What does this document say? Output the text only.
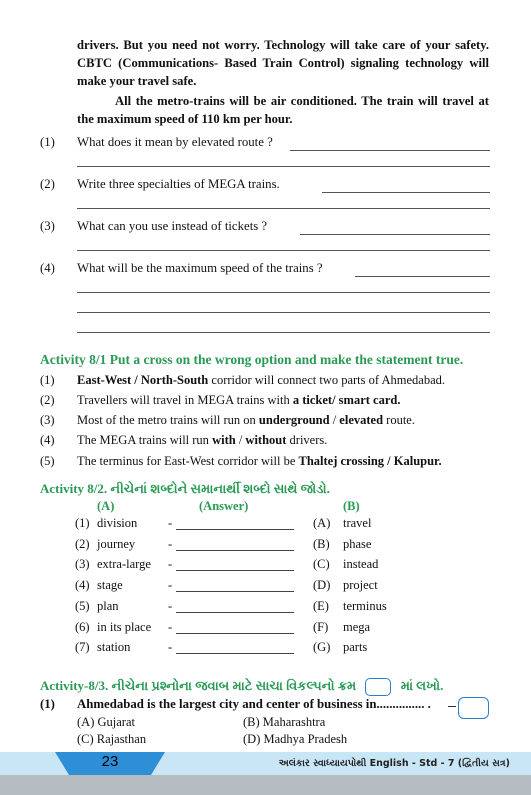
drivers. But you need not worry. Technology will take care of your safety. CBTC (Communications- Based Train Control) signaling technology will make your travel safe.
All the metro-trains will be air conditioned. The train will travel at the maximum speed of 110 km per hour.
(1) What does it mean by elevated route ?
(2) Write three specialties of MEGA trains.
(3) What can you use instead of tickets ?
(4) What will be the maximum speed of the trains ?
Activity 8/1 Put a cross on the wrong option and make the statement true.
(1) East-West / North-South corridor will connect two parts of Ahmedabad.
(2) Travellers will travel in MEGA trains with a ticket/ smart card.
(3) Most of the metro trains will run on underground / elevated route.
(4) The MEGA trains will run with / without drivers.
(5) The terminus for East-West corridor will be Thaltej crossing / Kalupur.
Activity 8/2. નીચેનાં શબ્દોને સમાનાર્થી શબ્દો સાથે જોડો.
(A)	(Answer)	(B)
(1) division -	(A) travel
(2) journey	-	(B) phase
(3) extra-large -	(C) instead
(4) stage	-	(D) project
(5) plan	-	(E) terminus
(6) in its place -	(F) mega
(7) station	-	(G) parts
Activity-8/3. નીચેના પ્રશ્નોના જવાબ માટે સાચા વિકલ્પનો ક્રમ	માં લખો.
(1) Ahmedabad is the largest city and center of business in............... .
(A) Gujarat	(B) Maharashtra
(C) Rajasthan	(D) Madhya Pradesh
23	અલંકાર સ્વાધ્યાયપોથી English - Std - 7 (દ્વિતીય સત્ર)
